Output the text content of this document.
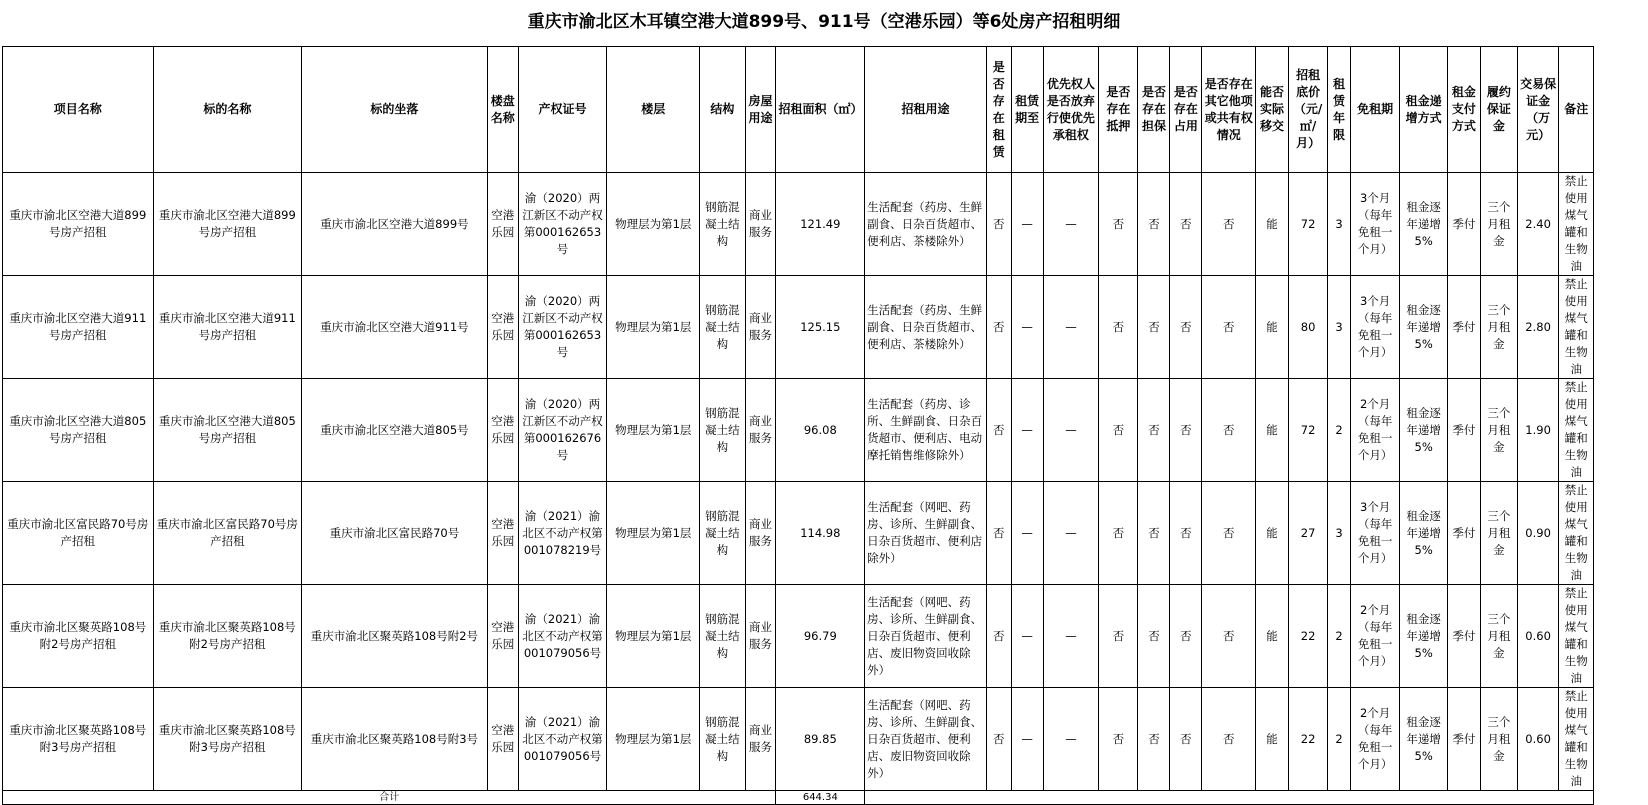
重庆市渝北区木耳镇空港大道899号、911号（空港乐园）等6处房产招租明细
项目名称	标的名称	标的坐落	楼盘名称	产权证号	楼层	结构	房屋用途	招租面积（㎡）	招租用途	是否存在租赁	租赁期至	优先权人是否放弃行使优先承租权	是否存在抵押	是否存在担保	是否存在占用	是否存在其它他项或共有权情况	能否实际移交	招租底价（元/㎡/月）	租赁年限	免租期	租金递增方式	租金支付方式	履约保证金	交易保证金（万元）	备注	
重庆市渝北区空港大道899号房产招租	重庆市渝北区空港大道899号房产招租	重庆市渝北区空港大道899号	空港乐园	渝（2020）两江新区不动产权第000162653号	物理层为第1层	钢筋混凝土结构	商业服务	121.49	生活配套（药房、生鲜副食、日杂百货超市、便利店、茶楼除外）	否	—	—	否	否	否	否	能	72	3	3个月（每年免租一个月）	租金逐年递增5%	季付	三个月租金	2.40	禁止使用煤气罐和生物油	
重庆市渝北区空港大道911号房产招租	重庆市渝北区空港大道911号房产招租	重庆市渝北区空港大道911号	空港乐园	渝（2020）两江新区不动产权第000162653号	物理层为第1层	钢筋混凝土结构	商业服务	125.15	生活配套（药房、生鲜副食、日杂百货超市、便利店、茶楼除外）	否	—	—	否	否	否	否	能	80	3	3个月（每年免租一个月）	租金逐年递增5%	季付	三个月租金	2.80	禁止使用煤气罐和生物油	
重庆市渝北区空港大道805号房产招租	重庆市渝北区空港大道805号房产招租	重庆市渝北区空港大道805号	空港乐园	渝（2020）两江新区不动产权第000162676号	物理层为第1层	钢筋混凝土结构	商业服务	96.08	生活配套（药房、诊所、生鲜副食、日杂百货超市、便利店、电动摩托销售维修除外）	否	—	—	否	否	否	否	能	72	2	2个月（每年免租一个月）	租金逐年递增5%	季付	三个月租金	1.90	禁止使用煤气罐和生物油	
重庆市渝北区富民路70号房产招租	重庆市渝北区富民路70号房产招租	重庆市渝北区富民路70号	空港乐园	渝（2021）渝北区不动产权第001078219号	物理层为第1层	钢筋混凝土结构	商业服务	114.98	生活配套（网吧、药房、诊所、生鲜副食、日杂百货超市、便利店除外）	否	—	—	否	否	否	否	能	27	3	3个月（每年免租一个月）	租金逐年递增5%	季付	三个月租金	0.90	禁止使用煤气罐和生物油	
重庆市渝北区聚英路108号附2号房产招租	重庆市渝北区聚英路108号附2号房产招租	重庆市渝北区聚英路108号附2号	空港乐园	渝（2021）渝北区不动产权第001079056号	物理层为第1层	钢筋混凝土结构	商业服务	96.79	生活配套（网吧、药房、诊所、生鲜副食、日杂百货超市、便利店、废旧物资回收除外）	否	—	—	否	否	否	否	能	22	2	2个月（每年免租一个月）	租金逐年递增5%	季付	三个月租金	0.60	禁止使用煤气罐和生物油	
重庆市渝北区聚英路108号附3号房产招租	重庆市渝北区聚英路108号附3号房产招租	重庆市渝北区聚英路108号附3号	空港乐园	渝（2021）渝北区不动产权第001079056号	物理层为第1层	钢筋混凝土结构	商业服务	89.85	生活配套（网吧、药房、诊所、生鲜副食、日杂百货超市、便利店、废旧物资回收除外）	否	—	—	否	否	否	否	能	22	2	2个月（每年免租一个月）	租金逐年递增5%	季付	三个月租金	0.60	禁止使用煤气罐和生物油	
合计								644.34																		
